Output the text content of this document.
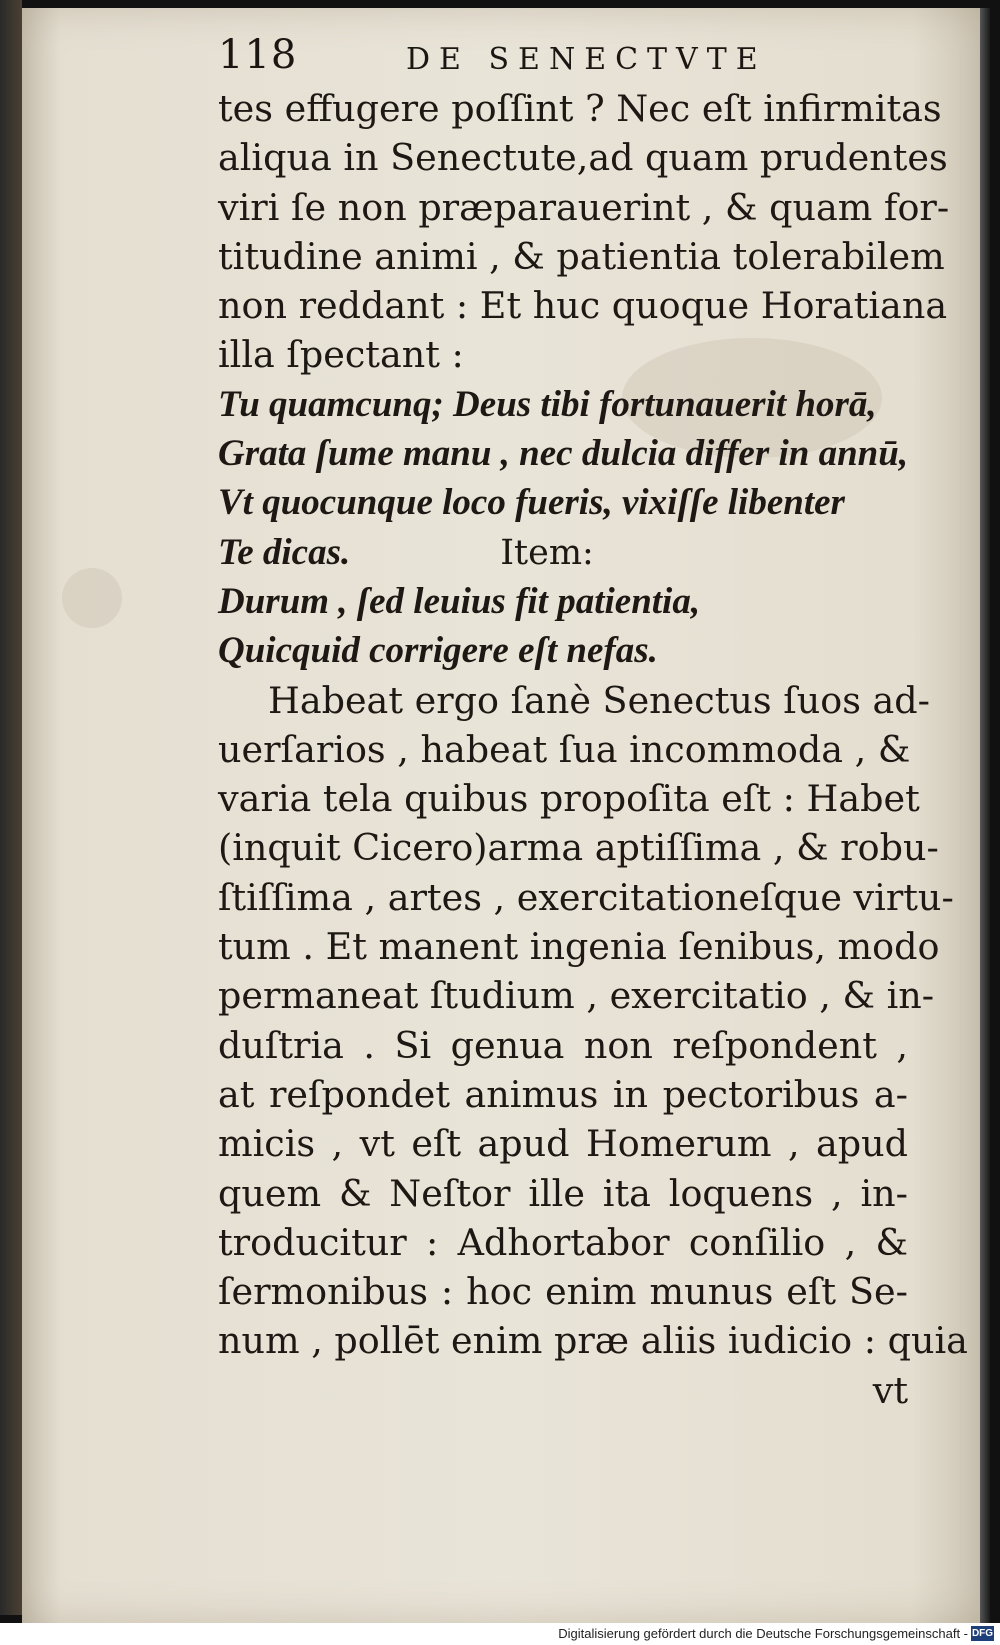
118	DE SENECTVTE
tes effugere poſſint ? Nec eſt infirmitas
aliqua in Senectute,ad quam prudentes
viri ſe non præparauerint , & quam for-
titudine animi , & patientia tolerabilem
non reddant : Et huc quoque Horatiana
illa ſpectant :
Tu quamcunq; Deus tibi fortunauerit horā,
Grata ſume manu , nec dulcia differ in annū,
Vt quocunque loco fueris, vixiſſe libenter
Te dicas.	Item:
Durum , ſed leuius fit patientia,
Quicquid corrigere eſt nefas.
Habeat ergo ſanè Senectus ſuos ad-
uerſarios , habeat ſua incommoda , &
varia tela quibus propoſita eſt : Habet
(inquit Cicero)arma aptiſſima , & robu-
ſtiſſima , artes , exercitationeſque virtu-
tum . Et manent ingenia ſenibus, modo
permaneat ſtudium , exercitatio , & in-
duſtria . Si genua non reſpondent ,
at reſpondet animus in pectoribus a-
micis , vt eſt apud Homerum , apud
quem & Neſtor ille ita loquens , in-
troducitur : Adhortabor conſilio , &
ſermonibus : hoc enim munus eſt Se-
num , pollēt enim præ aliis iudicio : quia
vt
Digitalisierung gefördert durch die Deutsche Forschungsgemeinschaft - DFG
